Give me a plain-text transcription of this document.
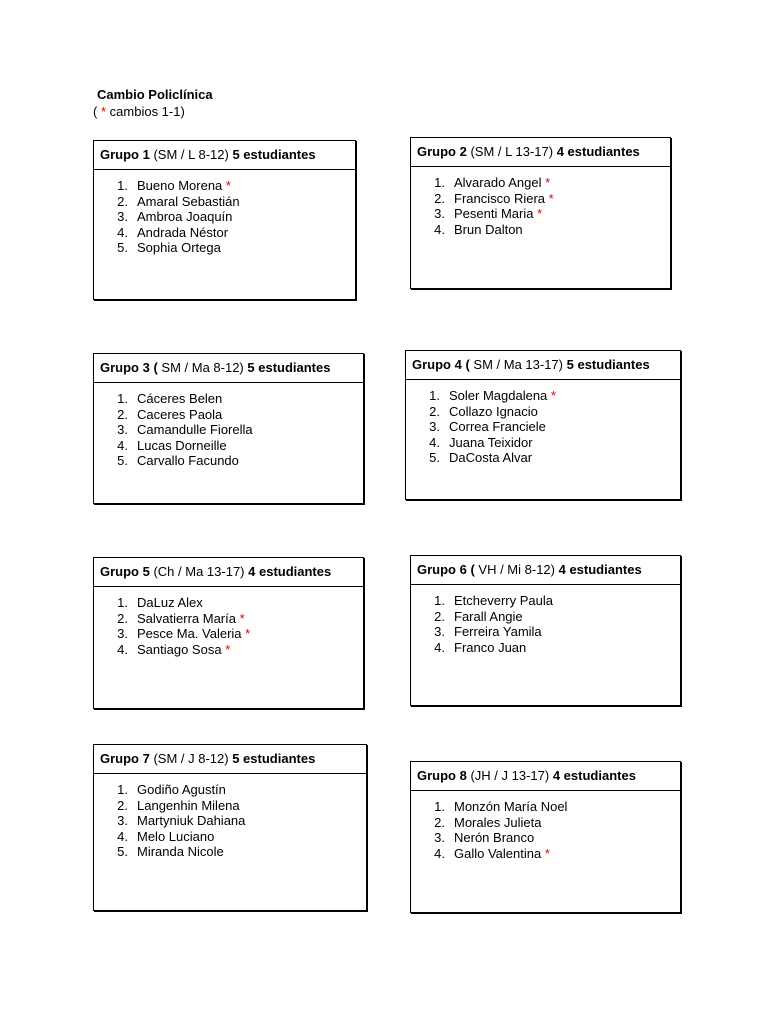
Cambio Policlínica
( * cambios 1-1)
Grupo 1 (SM / L 8-12) 5 estudiantes
1. Bueno Morena *
2. Amaral Sebastián
3. Ambroa Joaquín
4. Andrada Néstor
5. Sophia Ortega
Grupo 2 (SM / L 13-17) 4 estudiantes
1. Alvarado Angel *
2. Francisco Riera *
3. Pesenti Maria *
4. Brun Dalton
Grupo 3 ( SM / Ma 8-12) 5 estudiantes
1. Cáceres Belen
2. Caceres Paola
3. Camandulle Fiorella
4. Lucas Dorneille
5. Carvallo Facundo
Grupo 4 ( SM / Ma 13-17) 5 estudiantes
1. Soler Magdalena *
2. Collazo Ignacio
3. Correa Franciele
4. Juana Teixidor
5. DaCosta Alvar
Grupo 5 (Ch / Ma 13-17) 4 estudiantes
1. DaLuz Alex
2. Salvatierra María *
3. Pesce Ma. Valeria *
4. Santiago Sosa *
Grupo 6 ( VH / Mi 8-12) 4 estudiantes
1. Etcheverry Paula
2. Farall Angie
3. Ferreira Yamila
4. Franco Juan
Grupo 7 (SM / J 8-12) 5 estudiantes
1. Godiño Agustín
2. Langenhin Milena
3. Martyniuk Dahiana
4. Melo Luciano
5. Miranda Nicole
Grupo 8 (JH / J 13-17) 4 estudiantes
1. Monzón María Noel
2. Morales Julieta
3. Nerón Branco
4. Gallo Valentina *
